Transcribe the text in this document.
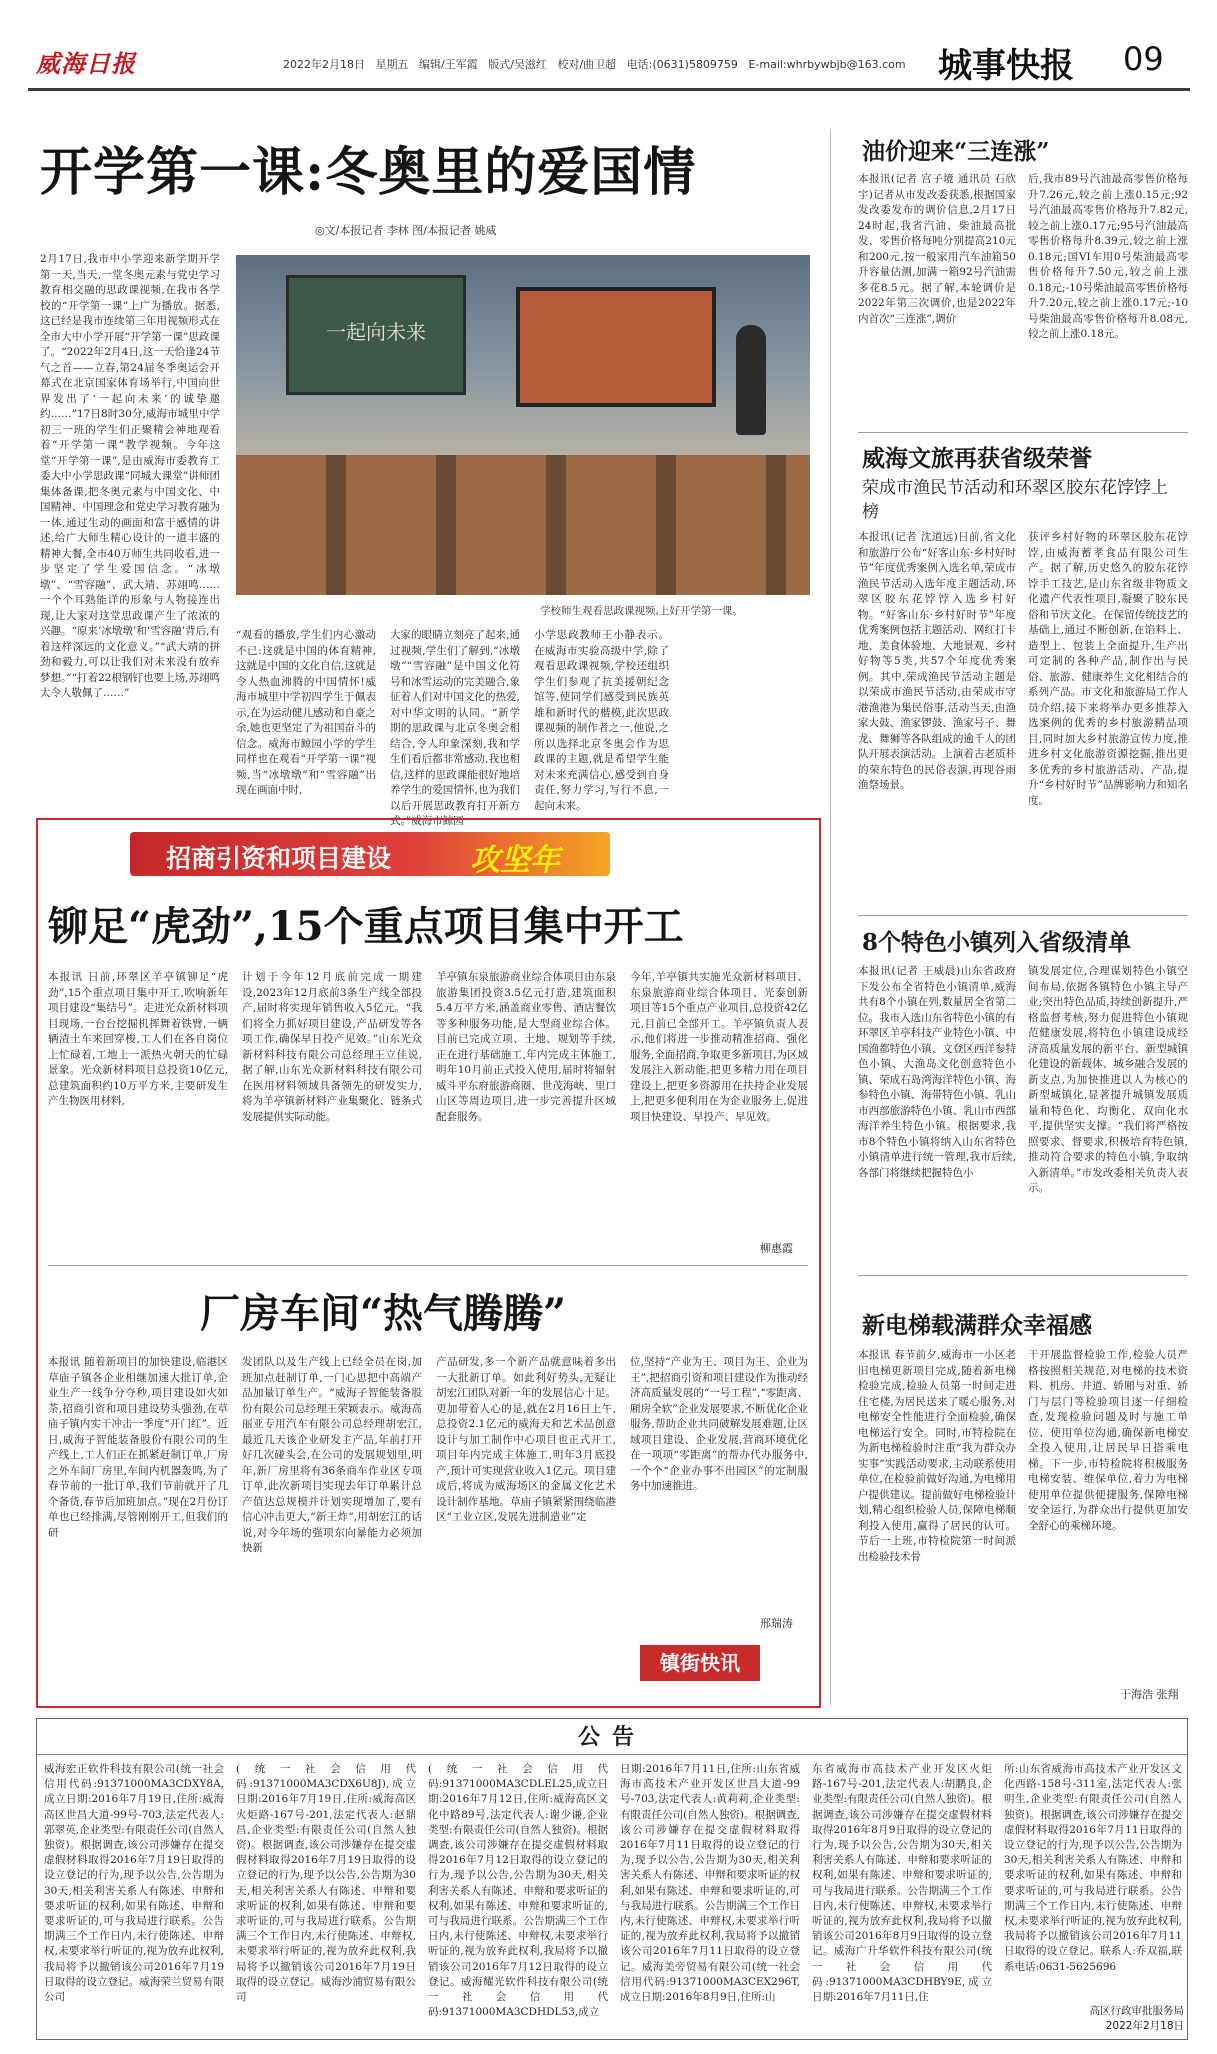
威海日报	2022年2月18日 星期五 编辑/王军霞 版式/吴滋红 校对/曲卫超 电话:(0631)5809759 E-mail:whrbywbjb@163.com 城事快报 09
开学第一课:冬奥里的爱国情
◎文/本报记者 李林 图/本报记者 姚威
2月17日,我市中小学迎来新学期开学第一天,当天,一堂冬奥元素与党史学习教育相交融的思政课视频,在我市各学校的“开学第一课”上广为播放。据悉,这已经是我市连续第三年用视频形式在全市大中小学开展“开学第一课”思政课了。“2022年2月4日,这一天恰逢24节气之首——立春,第24届冬季奥运会开幕式在北京国家体育场举行,中国向世界发出了‘一起向未来’的诚挚邀约……”17日8时30分,威海市城里中学初三一班的学生们正聚精会神地观看着“开学第一课”教学视频。今年这堂“开学第一课”,是由威海市委教育工委大中小学思政课“同城大课堂”讲师团集体备课,把冬奥元素与中国文化、中国精神、中国理念和党史学习教育融为一体,通过生动的画面和富于感情的讲述,给广大师生精心设计的一道丰盛的精神大餐,全市40万师生共同收看,进一步坚定了学生爱国信念。“冰墩墩”、“雪容融”、武大靖、苏翊鸣……一个个耳熟能详的形象与人物接连出现,让大家对这堂思政课产生了浓浓的兴趣。“原来‘冰墩墩’和‘雪容融’背后,有着这样深远的文化意义。”“武大靖的拼劲和毅力,可以让我们对未来没有放弃梦想。”“打着22根钢钉也要上场,苏翊鸣太令人敬佩了……”
一起向未来
学校师生观看思政课视频,上好开学第一课。
“观看的播放,学生们内心激动不已:这就是中国的体育精神,这就是中国的文化自信,这就是令人热血沸腾的中国情怀!威海市城里中学初四学生于佩表示,在为运动健儿感动和自豪之余,她也更坚定了为祖国奋斗的信念。威海市鲸园小学的学生同样也在观看“开学第一课”视频,当“冰墩墩”和“雪容融”出现在画面中时,
大家的眼睛立刻亮了起来,通过视频,学生们了解到,“冰墩墩”“雪容融”是中国文化符号和冰雪运动的完美融合,象征着人们对中国文化的热爱,对中华文明的认同。“新学期的思政课与北京冬奥会相结合,令人印象深刻,我和学生们看后都非常感动,我也相信,这样的思政课能很好地培养学生的爱国情怀,也为我们以后开展思政教育打开新方式。”威海市鲸园
小学思政教师王小静表示。在威海市实验高级中学,除了观看思政课视频,学校还组织学生们参观了抗美援朝纪念馆等,使同学们感受到民族英雄和新时代的楷模,此次思政课视频的制作者之一,他说,之所以选择北京冬奥会作为思政课的主题,就是希望学生能对未来充满信心,感受到自身责任,努力学习,写行不息,一起向未来。
招商引资和项目建设	攻坚年
铆足“虎劲”,15个重点项目集中开工
本报讯 日前,环翠区羊亭镇铆足“虎劲”,15个重点项目集中开工,吹响新年项目建设“集结号”。走进光众新材料项目现场,一台台挖掘机挥舞着铁臂,一辆辆渣土车来回穿梭,工人们在各自岗位上忙碌着,工地上一派热火朝天的忙碌景象。光众新材料项目总投资10亿元,总建筑面积约10万平方米,主要研发生产生物医用材料,
计划于今年12月底前完成一期建设,2023年12月底前3条生产线全部投产,届时将实现年销售收入5亿元。“我们将全力抓好项目建设,产品研发等各项工作,确保早日投产见效。”山东光众新材料科技有限公司总经理王立佳说,据了解,山东光众新材料科技有限公司在医用材料领域具备领先的研发实力,将为羊亭镇新材料产业集聚化、链条式发展提供实际动能。
羊亭镇东泉旅游商业综合体项目由东泉旅游集团投资3.5亿元打造,建筑面积5.4万平方米,涵盖商业零售、酒店餐饮等多种服务功能,是大型商业综合体。目前已完成立项、土地、规划等手续,正在进行基础施工,年内完成主体施工,明年10月前正式投入使用,届时将辐射威斗平东府旅游商圈、世茂海峡、里口山区等周边项目,进一步完善提升区域配套服务。
今年,羊亭镇共实施光众新材料项目、东泉旅游商业综合体项目、光泰创新项目等15个重点产业项目,总投资42亿元,目前已全部开工。羊亭镇负责人表示,他们将进一步推动精准招商、强化服务,全面招商,争取更多新项目,为区域发展注入新动能,把更多精力用在项目建设上,把更多资源用在扶持企业发展上,把更多便利用在为企业服务上,促进项目快建设、早投产、早见效。
柳惠霞
厂房车间“热气腾腾”
本报讯 随着新项目的加快建设,临港区草庙子镇各企业相继加速大批订单,企业生产一线争分夺秒,项目建设如火如荼,招商引资和项目建设势头强劲,在草庙子镇内实干冲击一季度“开门红”。近日,威海子智能装备股份有限公司的生产线上,工人们正在抓紧赶制订单,厂房之外车间厂房里,车间内机器轰鸣,为了春节前的一批订单,我们节前就开了几个备货,春节后加班加点。”现在2月份订单也已经排满,尽管刚刚开工,但我们的研
发团队以及生产线上已经全员在岗,加班加点赶制订单,一门心思把中高端产品加量订单生产。“威海子智能装备股份有限公司总经理王荣颖表示。威海高丽亚专用汽车有限公司总经理胡宏江,最近几天该企业研发主产品,年前打开好几次碰头会,在公司的发展规划里,明年,新厂房里将有36条商车作业区专项订单,此次新项目实现去年订单累计总产值达总规模并计划实现增加了,要有信心冲击更大,“新王炸”,用胡宏江的话说,对今年场的强项东向暴能力必须加快新
产品研发,多一个新产品就意味着多出一大批新订单。如此利好势头,无疑让胡宏江团队对新一年的发展信心十足。更加带着人心的是,就在2月16日上午,总投资2.1亿元的威海天和艺术品创意设计与加工制作中心项目也正式开工,项目年内完成主体施工,明年3月底投产,预计可实现营业收入1亿元。项目建成后,将成为威海场区的金属文化艺术设计制作基地。草庙子镇紧紧围绕临港区“工业立区,发展先进制造业”定
位,坚持“产业为王、项目为王、企业为王”,把招商引资和项目建设作为推动经济高质量发展的“一号工程”,“零距离、厢房全软”企业发展要求,不断优化企业服务,帮助企业共同破解发展难题,让区域项目建设、企业发展,营商环境优化在一项项“零距离”的帮办代办服务中,一个个“企业办事不出园区”的定制服务中加速推进。
邢瑞涛
镇街快讯
油价迎来“三连涨”
本报讯(记者 宫子境 通讯员 石欣宇)记者从市发改委获悉,根据国家发改委发布的调价信息,2月17日24时起,我省汽油、柴油最高批发、零售价格每吨分别提高210元和200元,按一般家用汽车油箱50升容量估测,加满一箱92号汽油需多花8.5元。据了解,本轮调价是2022年第三次调价,也是2022年内首次“三连涨”,调价
后,我市89号汽油最高零售价格每升7.26元,较之前上涨0.15元;92号汽油最高零售价格每升7.82元,较之前上涨0.17元;95号汽油最高零售价格每升8.39元,较之前上涨0.18元;国VI车用0号柴油最高零售价格每升7.50元,较之前上涨0.18元;-10号柴油最高零售价格每升7.20元,较之前上涨0.17元;-10号柴油最高零售价格每升8.08元,较之前上涨0.18元。
威海文旅再获省级荣誉
荣成市渔民节活动和环翠区胶东花饽饽上榜
本报讯(记者 沈道远)日前,省文化和旅游厅公布“好客山东·乡村好时节”年度优秀案例入选名单,荣成市渔民节活动入选年度主题活动,环翠区胶东花饽饽入选乡村好物。“好客山东·乡村好时节”年度优秀案例包括主题活动、网红打卡地、美食体验地、大地景观、乡村好物等5类,共57个年度优秀案例。其中,荣成渔民节活动主题是以荣成市渔民节活动,由荣成市守港渔港为集民俗事,活动当天,由渔家大鼓、渔家锣鼓、渔家号子、舞龙、舞狮等各队组成的逾千人的团队开展表演活动。上演着古老质朴的荣东特色的民俗表演,再现谷雨渔祭场景。
获评乡村好物的环翠区胶东花饽饽,由威海蓄孝食品有限公司生产。据了解,历史悠久的胶东花饽饽手工技艺,是山东省级非物质文化遗产代表性项目,凝聚了胶东民俗和节庆文化。在保留传统技艺的基础上,通过不断创新,在馅料上、造型上、包装上全面提升,生产出可定制的各种产品,制作出与民俗、旅游、健康养生文化相结合的系列产品。市文化和旅游局工作人员介绍,接下来将举办更多推荐入选案例的优秀的乡村旅游精品项目,同时加大乡村旅游宣传力度,推进乡村文化旅游资源挖掘,推出更多优秀的乡村旅游活动、产品,提升“乡村好时节”品牌影响力和知名度。
8个特色小镇列入省级清单
本报讯(记者 王威晨)山东省政府下发公布全省特色小镇清单,威海共有8个小镇在列,数量居全省第二位。我市入选山东省特色小镇的有环翠区羊亭科技产业特色小镇、中国渔都特色小镇、文登区西洋参特色小镇、大渔岛文化创意特色小镇、荣成石岛湾海洋特色小镇、海参特色小镇、海带特色小镇、乳山市西部旅游特色小镇、乳山市西部海洋养生特色小镇。根据要求,我市8个特色小镇将纳入山东省特色小镇清单进行统一管理,我市后续,各部门将继续把握特色小
镇发展定位,合理谋划特色小镇空间布局,依据各镇特色小镇主导产业;突出特色品质,持续创新提升,严格监督考核,努力促进特色小镇规范健康发展,将特色小镇建设成经济高质量发展的新平台、新型城镇化建设的新载体、城乡融合发展的新支点,为加快推进以人为核心的新型城镇化,显著提升城镇发展质量和特色化、均衡化、双向化水平,提供坚实支撑。“我们将严格按照要求、督要求,积极培育特色镇,推动符合要求的特色小镇,争取纳入新清单。”市发改委相关负责人表示。
新电梯载满群众幸福感
本报讯 春节前夕,威海市一小区老旧电梯更新项目完成,随着新电梯检验完成,检验人员第一时间走进住宅楼,为居民送来了暖心服务,对电梯安全性能进行全面检验,确保电梯运行安全。同时,市特检院在为新电梯检验时注重“我为群众办实事”实践活动要求,主动联系使用单位,在检验前做好沟通,为电梯用户提供建议。提前做好电梯检验计划,精心组织检验人员,保障电梯顺利投入使用,赢得了居民的认可。节后一上班,市特检院第一时间派出检验技术骨
干开展监督检验工作,检验人员严格按照相关规范,对电梯的技术资料、机房、井道、轿厢与对重、轿门与层门等检验项目逐一仔细检查,发现检验问题及时与施工单位、使用单位沟通,确保新电梯安全投入使用,让居民早日搭乘电梯。下一步,市特检院将积极服务电梯安装、维保单位,着力为电梯使用单位提供便捷服务,保障电梯安全运行,为群众出行提供更加安全舒心的乘梯环境。
于海浩 张翔
公告
威海宏正软件科技有限公司(统一社会信用代码:91371000MA3CDXY8A,成立日期:2016年7月19日,住所:威海高区世昌大道-99号-703,法定代表人:郭翠英,企业类型:有限责任公司(自然人独资)。根据调查,该公司涉嫌存在提交虚假材料取得2016年7月19日取得的设立登记的行为,现予以公告,公告期为30天,相关利害关系人有陈述、申辩和要求听证的权利,如果有陈述、申辩和要求听证的,可与我局进行联系。公告期满三个工作日内,未行使陈述、申辩权,未要求举行听证的,视为放弃此权利,我局将予以撤销该公司2016年7月19日取得的设立登记。威海荣兰贸易有限公司
(统一社会信用代码:91371000MA3CDX6U8J),成立日期:2016年7月19日,住所:威海高区火炬路-167号-201,法定代表人:赵鼎昌,企业类型:有限责任公司(自然人独资)。根据调查,该公司涉嫌存在提交虚假材料取得2016年7月19日取得的设立登记的行为,现予以公告,公告期为30天,相关利害关系人有陈述、申辩和要求听证的权利,如果有陈述、申辩和要求听证的,可与我局进行联系。公告期满三个工作日内,未行使陈述、申辩权,未要求举行听证的,视为放弃此权利,我局将予以撤销该公司2016年7月19日取得的设立登记。威海沙浦贸易有限公司
(统一社会信用代码:91371000MA3CDLEL25,成立日期:2016年7月12日,住所:威海高区文化中路89号,法定代表人:谢少谦,企业类型:有限责任公司(自然人独资)。根据调查,该公司涉嫌存在提交虚假材料取得2016年7月12日取得的设立登记的行为,现予以公告,公告期为30天,相关利害关系人有陈述、申辩和要求听证的权利,如果有陈述、申辩和要求听证的,可与我局进行联系。公告期满三个工作日内,未行使陈述、申辩权,未要求举行听证的,视为放弃此权利,我局将予以撤销该公司2016年7月12日取得的设立登记。威海耀光软件科技有限公司(统一社会信用代码:91371000MA3CDHDL53,成立
日期:2016年7月11日,住所:山东省威海市高技术产业开发区世昌大道-99号-703,法定代表人:黄莉莉,企业类型:有限责任公司(自然人独资)。根据调查,该公司涉嫌存在提交虚假材料取得2016年7月11日取得的设立登记的行为,现予以公告,公告期为30天,相关利害关系人有陈述、申辩和要求听证的权利,如果有陈述、申辩和要求听证的,可与我局进行联系。公告期满三个工作日内,未行使陈述、申辩权,未要求举行听证的,视为放弃此权利,我局将予以撤销该公司2016年7月11日取得的设立登记。威海美旁贸易有限公司(统一社会信用代码:91371000MA3CEX296T,成立日期:2016年8月9日,住所:山
东省威海市高技术产业开发区火炬路-167号-201,法定代表人:胡鹏良,企业类型:有限责任公司(自然人独资)。根据调查,该公司涉嫌存在提交虚假材料取得2016年8月9日取得的设立登记的行为,现予以公告,公告期为30天,相关利害关系人有陈述、申辩和要求听证的权利,如果有陈述、申辩和要求听证的,可与我局进行联系。公告期满三个工作日内,未行使陈述、申辩权,未要求举行听证的,视为放弃此权利,我局将予以撤销该公司2016年8月9日取得的设立登记。威海广升华软件科技有限公司(统一社会信用代码:91371000MA3CDHBY9E,成立日期:2016年7月11日,住
所:山东省威海市高技术产业开发区文化西路-158号-311室,法定代表人:张明生,企业类型:有限责任公司(自然人独资)。根据调查,该公司涉嫌存在提交虚假材料取得2016年7月11日取得的设立登记的行为,现予以公告,公告期为30天,相关利害关系人有陈述、申辩和要求听证的权利,如果有陈述、申辩和要求听证的,可与我局进行联系。公告期满三个工作日内,未行使陈述、申辩权,未要求举行听证的,视为放弃此权利,我局将予以撤销该公司2016年7月11日取得的设立登记。联系人:乔双福,联系电话:0631-5625696
高区行政审批服务局
2022年2月18日
